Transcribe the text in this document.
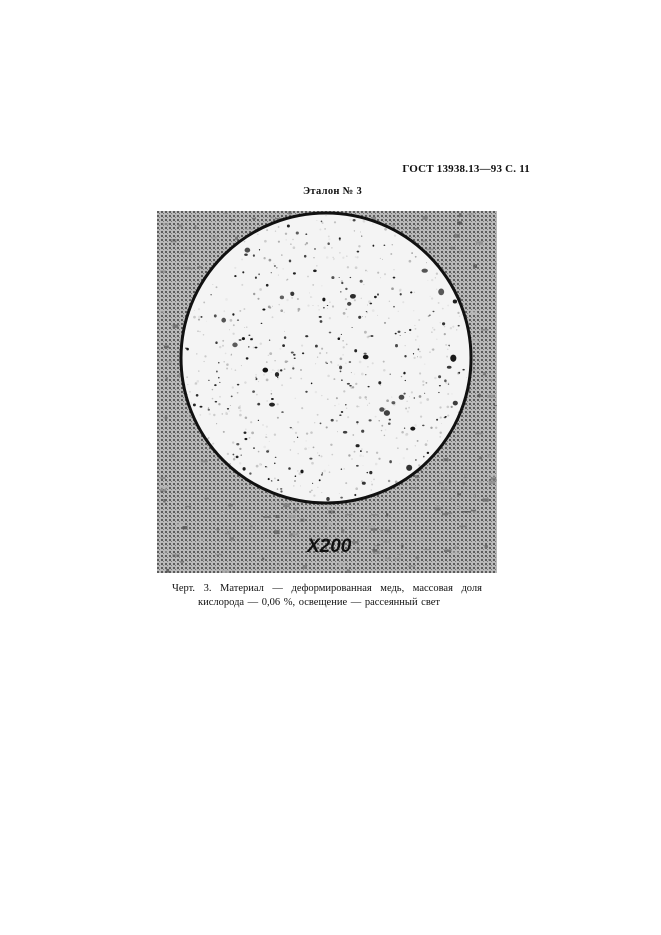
ГОСТ 13938.13—93 С. 11
Эталон № 3
X200
Черт. 3. Материал — деформированная медь, массовая доля
кислорода — 0,06 %, освещение — рассеянный свет
